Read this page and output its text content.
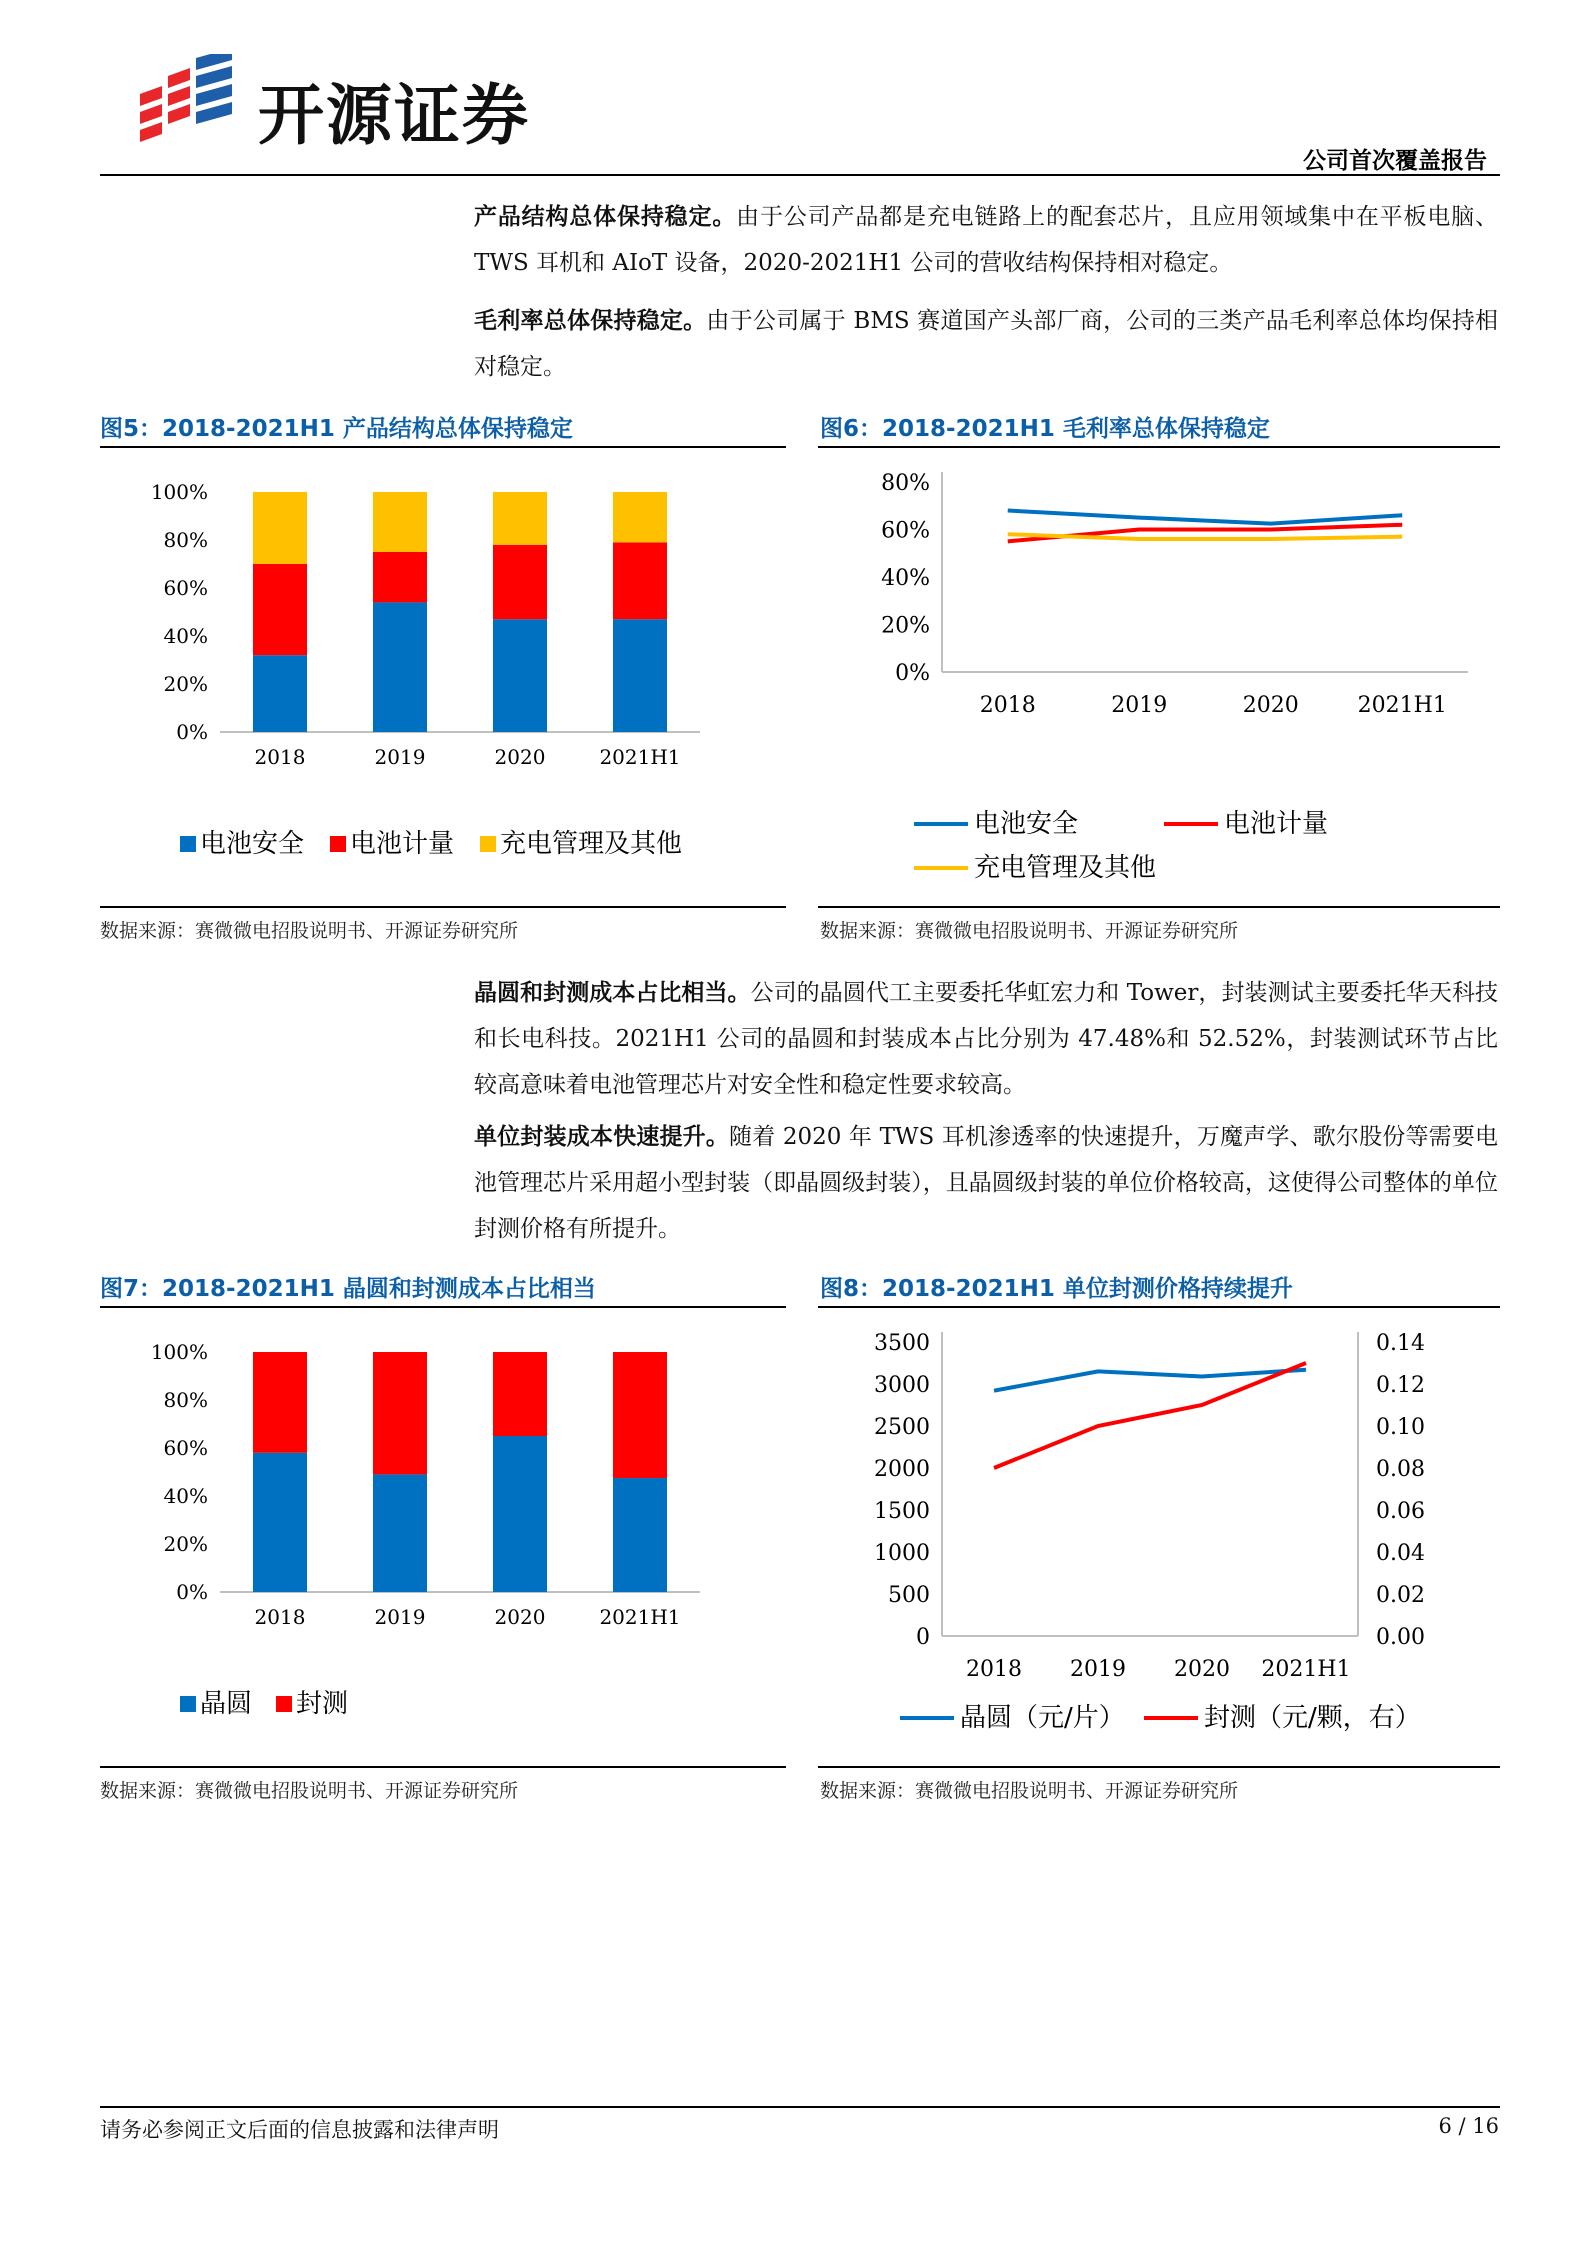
开源证券
公司首次覆盖报告
产品结构总体保持稳定。由于公司产品都是充电链路上的配套芯片，且应用领域集中在平板电脑、TWS 耳机和 AIoT 设备，2020-2021H1 公司的营收结构保持相对稳定。
毛利率总体保持稳定。由于公司属于 BMS 赛道国产头部厂商，公司的三类产品毛利率总体均保持相对稳定。
图5：2018-2021H1 产品结构总体保持稳定	图6：2018-2021H1 毛利率总体保持稳定
0%
20%
40%
60%
80%
100%
2018	2019	2020	2021H1
电池安全 电池计量 充电管理及其他
0%
20%
40%
60%
80%
2018	2019	2020	2021H1
电池安全	电池计量
充电管理及其他
数据来源：赛微微电招股说明书、开源证券研究所	数据来源：赛微微电招股说明书、开源证券研究所
晶圆和封测成本占比相当。公司的晶圆代工主要委托华虹宏力和 Tower，封装测试主要委托华天科技和长电科技。2021H1 公司的晶圆和封装成本占比分别为 47.48%和 52.52%，封装测试环节占比较高意味着电池管理芯片对安全性和稳定性要求较高。
单位封装成本快速提升。随着 2020 年 TWS 耳机渗透率的快速提升，万魔声学、歌尔股份等需要电池管理芯片采用超小型封装（即晶圆级封装），且晶圆级封装的单位价格较高，这使得公司整体的单位封测价格有所提升。
图7：2018-2021H1 晶圆和封测成本占比相当	图8：2018-2021H1 单位封测价格持续提升
0%
20%
40%
60%
80%
100%
2018	2019	2020	2021H1
晶圆 封测
0
500
1000
1500
2000
2500
3000
3500
0.00
0.02
0.04
0.06
0.08
0.10
0.12
0.14
2018 2019 2020 2021H1
晶圆（元/片）	封测（元/颗，右）
数据来源：赛微微电招股说明书、开源证券研究所	数据来源：赛微微电招股说明书、开源证券研究所
请务必参阅正文后面的信息披露和法律声明	6 / 16
